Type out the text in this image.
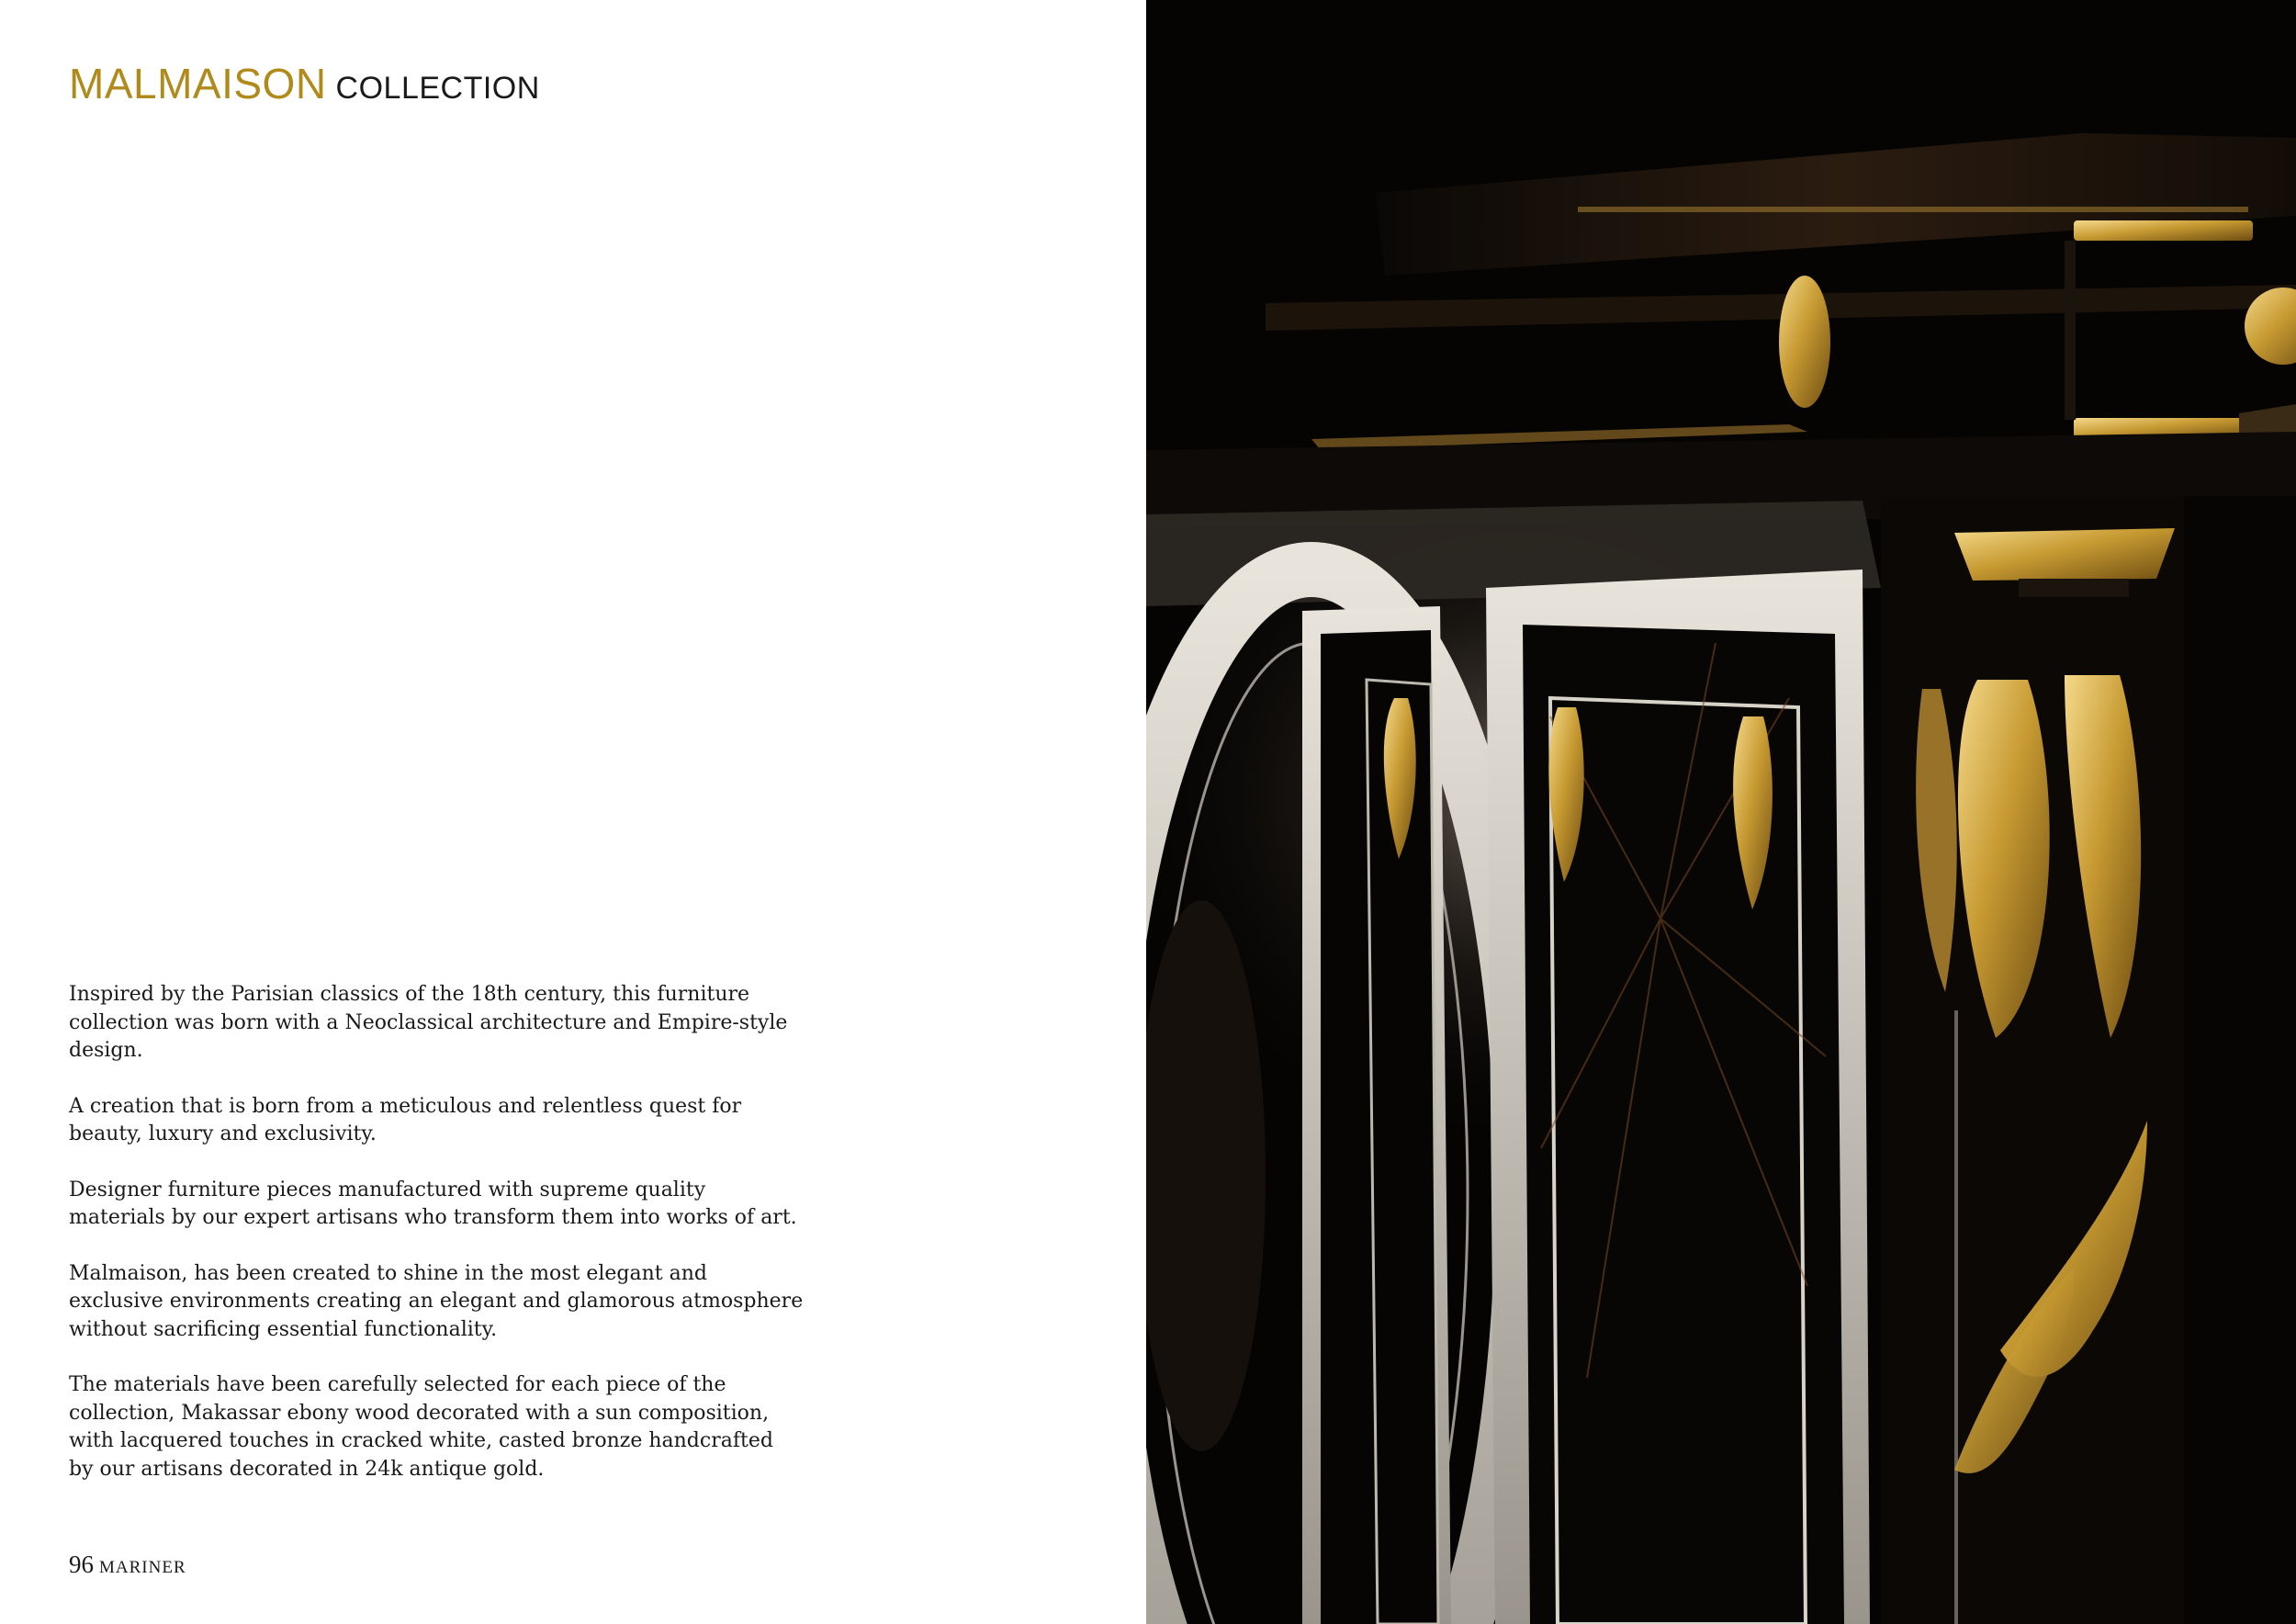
MALMAISON COLLECTION

Inspired by the Parisian classics of the 18th century, this furniture collection was born with a Neoclassical architecture and Empire-style design.

A creation that is born from a meticulous and relentless quest for beauty, luxury and exclusivity.

Designer furniture pieces manufactured with supreme quality materials by our expert artisans who transform them into works of art.

Malmaison, has been created to shine in the most elegant and exclusive environments creating an elegant and glamorous atmosphere without sacrificing essential functionality.

The materials have been carefully selected for each piece of the collection, Makassar ebony wood decorated with a sun composition, with lacquered touches in cracked white, casted bronze handcrafted by our artisans decorated in 24k antique gold.

96 MARINER
